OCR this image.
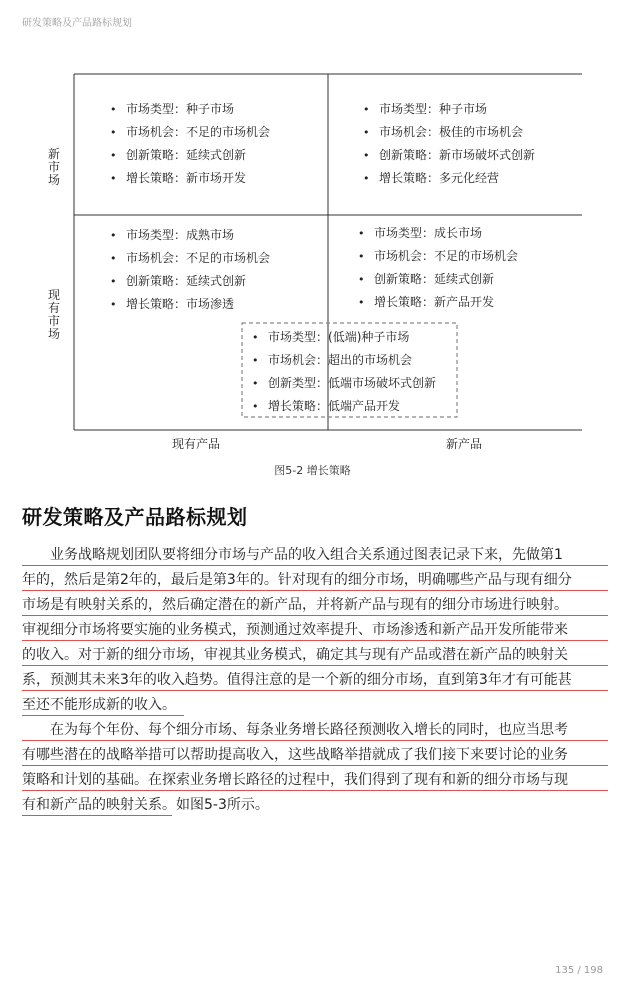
研发策略及产品路标规划
新市场
现有市场
• 市场类型：种子市场
• 市场机会：不足的市场机会
• 创新策略：延续式创新
• 增长策略：新市场开发
• 市场类型：种子市场
• 市场机会：极佳的市场机会
• 创新策略：新市场破坏式创新
• 增长策略：多元化经营
• 市场类型：成熟市场
• 市场机会：不足的市场机会
• 创新策略：延续式创新
• 增长策略：市场渗透
• 市场类型：成长市场
• 市场机会：不足的市场机会
• 创新策略：延续式创新
• 增长策略：新产品开发
• 市场类型：(低端)种子市场
• 市场机会：超出的市场机会
• 创新类型：低端市场破坏式创新
• 增长策略：低端产品开发
现有产品	新产品
图5-2 增长策略
研发策略及产品路标规划
　　业务战略规划团队要将细分市场与产品的收入组合关系通过图表记录下来，先做第1
年的，然后是第2年的，最后是第3年的。针对现有的细分市场，明确哪些产品与现有细分
市场是有映射关系的，然后确定潜在的新产品，并将新产品与现有的细分市场进行映射。
审视细分市场将要实施的业务模式，预测通过效率提升、市场渗透和新产品开发所能带来
的收入。对于新的细分市场，审视其业务模式，确定其与现有产品或潜在新产品的映射关
系，预测其未来3年的收入趋势。值得注意的是一个新的细分市场，直到第3年才有可能甚
至还不能形成新的收入。
　　在为每个年份、每个细分市场、每条业务增长路径预测收入增长的同时，也应当思考
有哪些潜在的战略举措可以帮助提高收入，这些战略举措就成了我们接下来要讨论的业务
策略和计划的基础。在探索业务增长路径的过程中，我们得到了现有和新的细分市场与现
有和新产品的映射关系。如图5-3所示。
135 / 198
